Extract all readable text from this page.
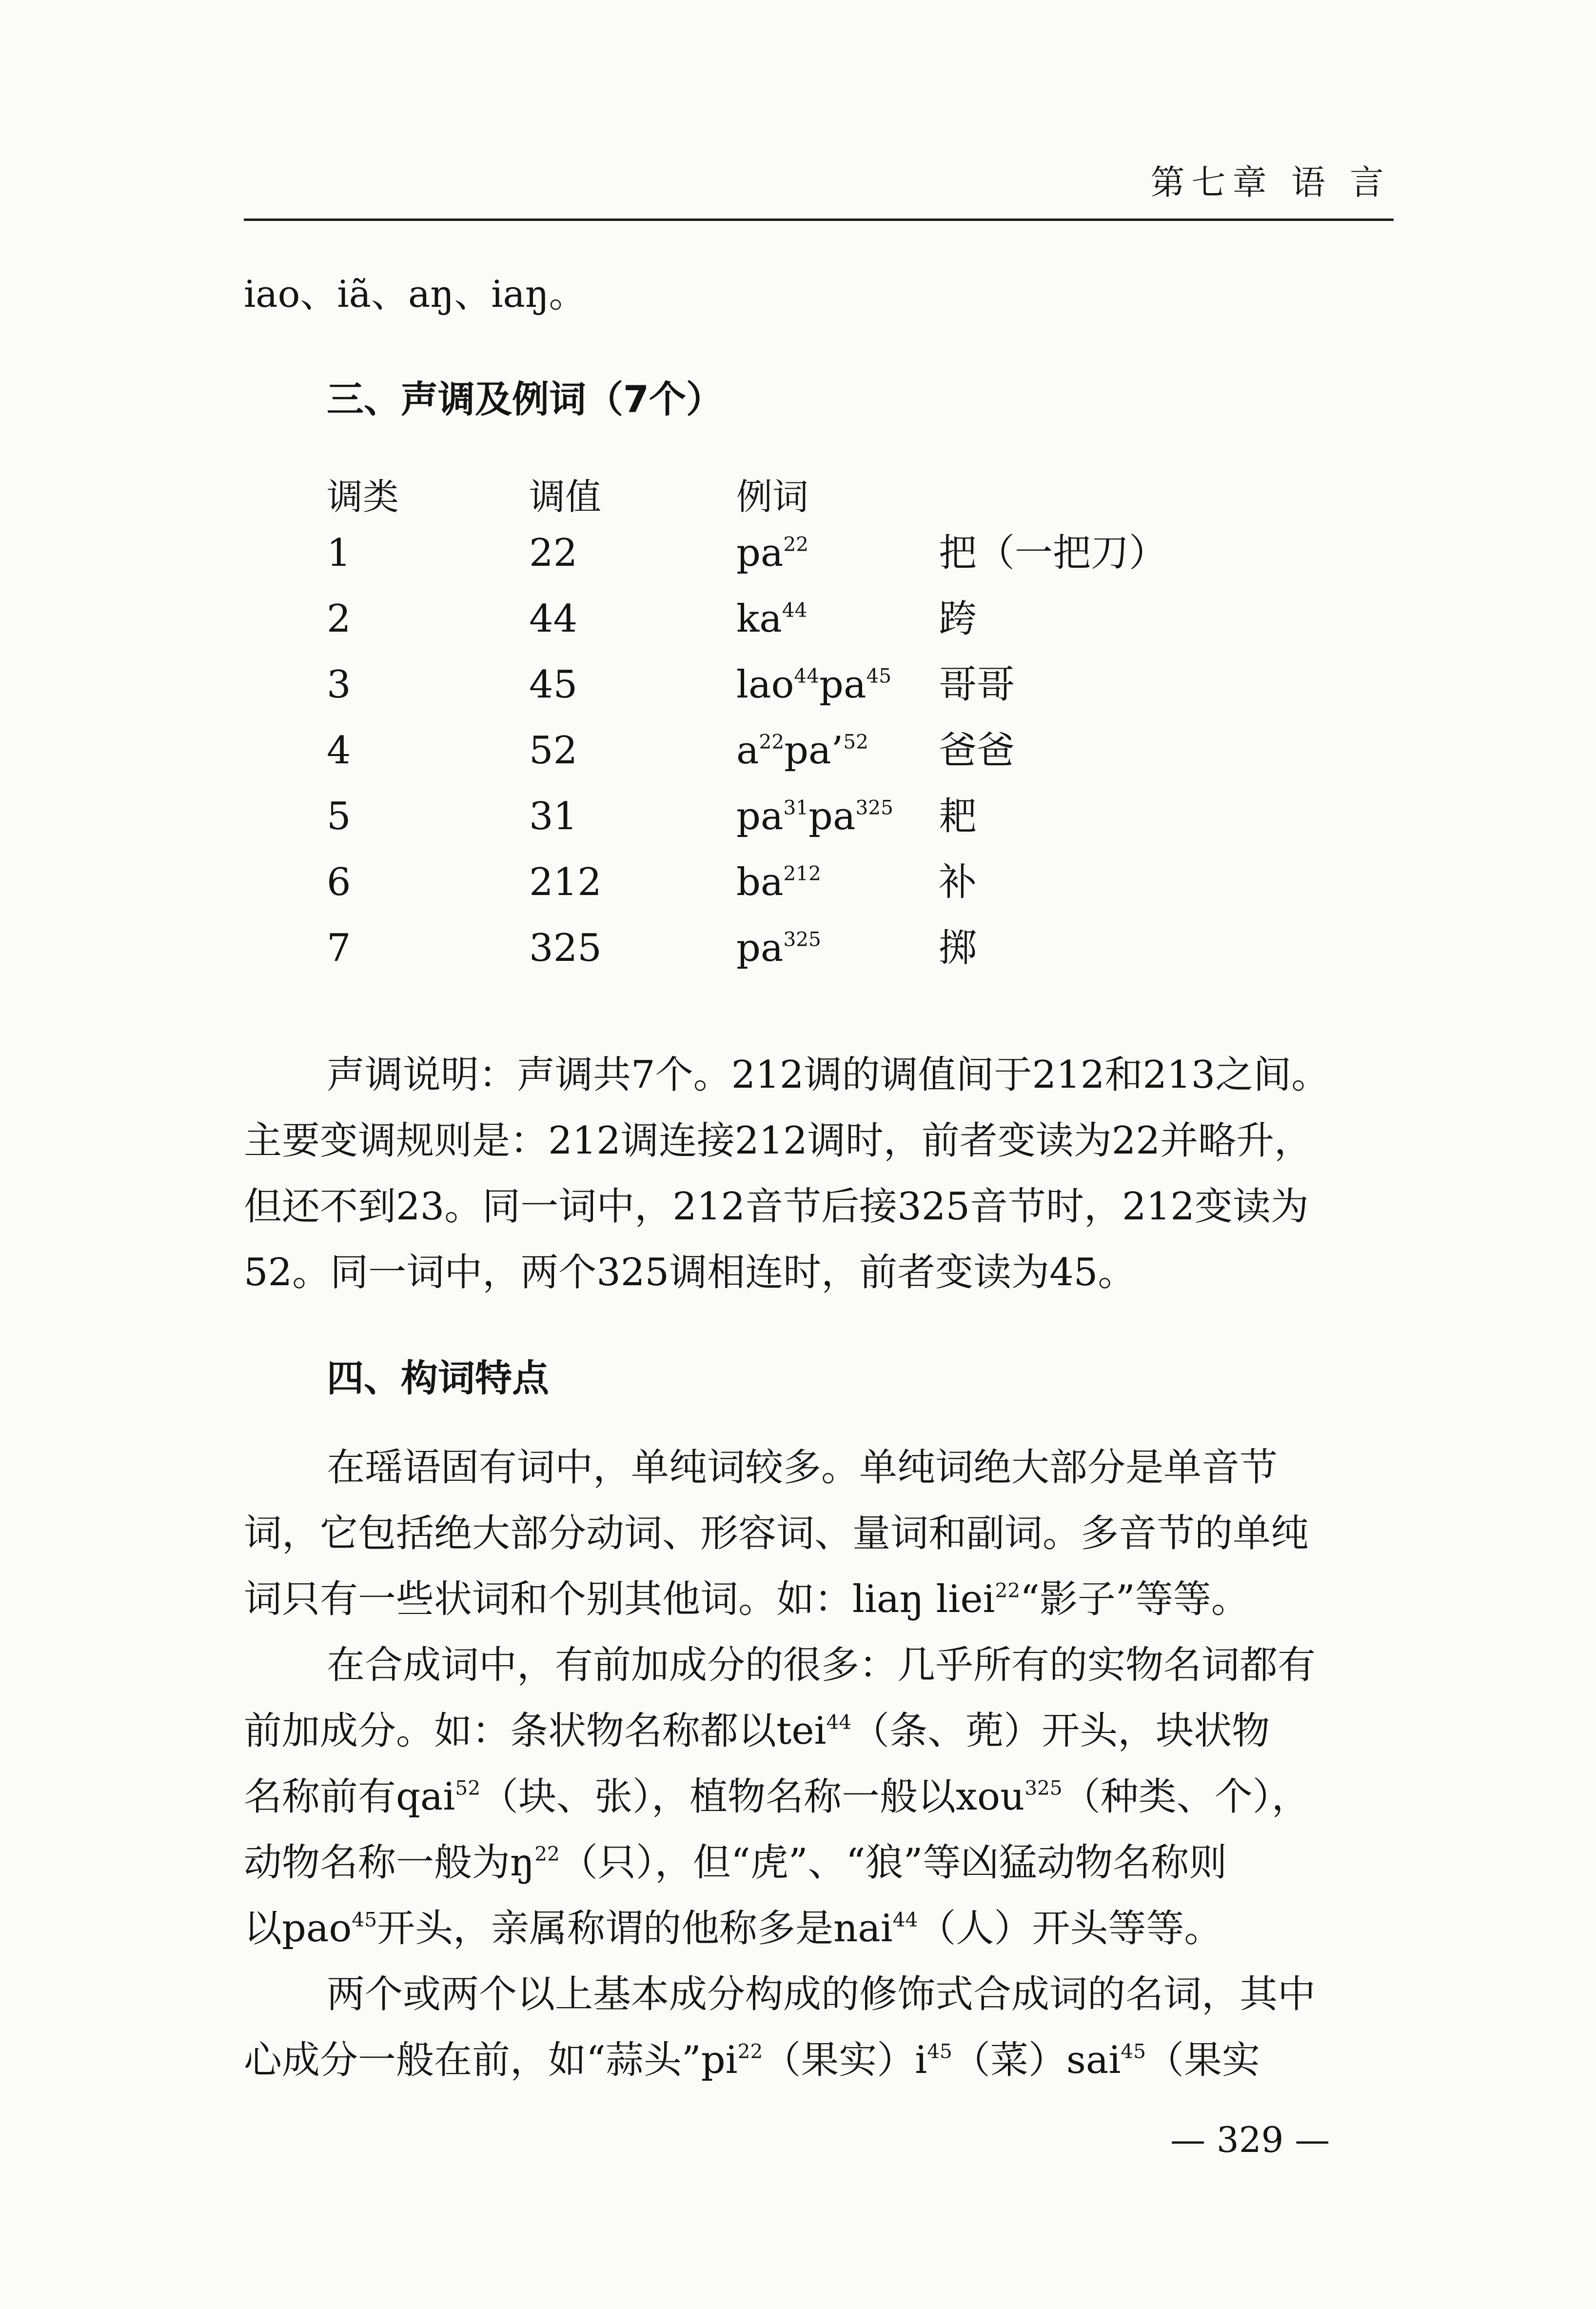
第七章 语 言
iao、iã、aŋ、iaŋ。
三、声调及例词（7个）
调类	调值	例词
1	22	$pa^{22}$	把（一把刀）
2	44	$ka^{44}$	跨
3	45	$lao^{44}pa^{45}$ 哥哥
4	52	$a^{22}pa’^{52}$ 爸爸
5	31	$pa^{31}pa^{325}$ 耙
6	212	$ba^{212}$	补
7	325	$pa^{325}$	掷
声调说明：声调共7个。212调的调值间于212和213之间。
主要变调规则是：212调连接212调时，前者变读为22并略升，
但还不到23。同一词中，212音节后接325音节时，212变读为
52。同一词中，两个325调相连时，前者变读为45。
四、构词特点
在瑶语固有词中，单纯词较多。单纯词绝大部分是单音节
词，它包括绝大部分动词、形容词、量词和副词。多音节的单纯
词只有一些状词和个别其他词。如：liaŋ liei$^{22}$“影子”等等。
在合成词中，有前加成分的很多：几乎所有的实物名词都有
前加成分。如：条状物名称都以tei$^{44}$（条、蔸）开头，块状物
名称前有qai$^{52}$（块、张），植物名称一般以xou$^{325}$（种类、个），
动物名称一般为$ŋ^{22}$（只），但“虎”、“狼”等凶猛动物名称则
以pao$^{45}$开头，亲属称谓的他称多是nai$^{44}$（人）开头等等。
两个或两个以上基本成分构成的修饰式合成词的名词，其中
心成分一般在前，如“蒜头$”pi^{22}$（果实）$i^{45}$（菜）sai$^{45}$（果实
— 329 —
